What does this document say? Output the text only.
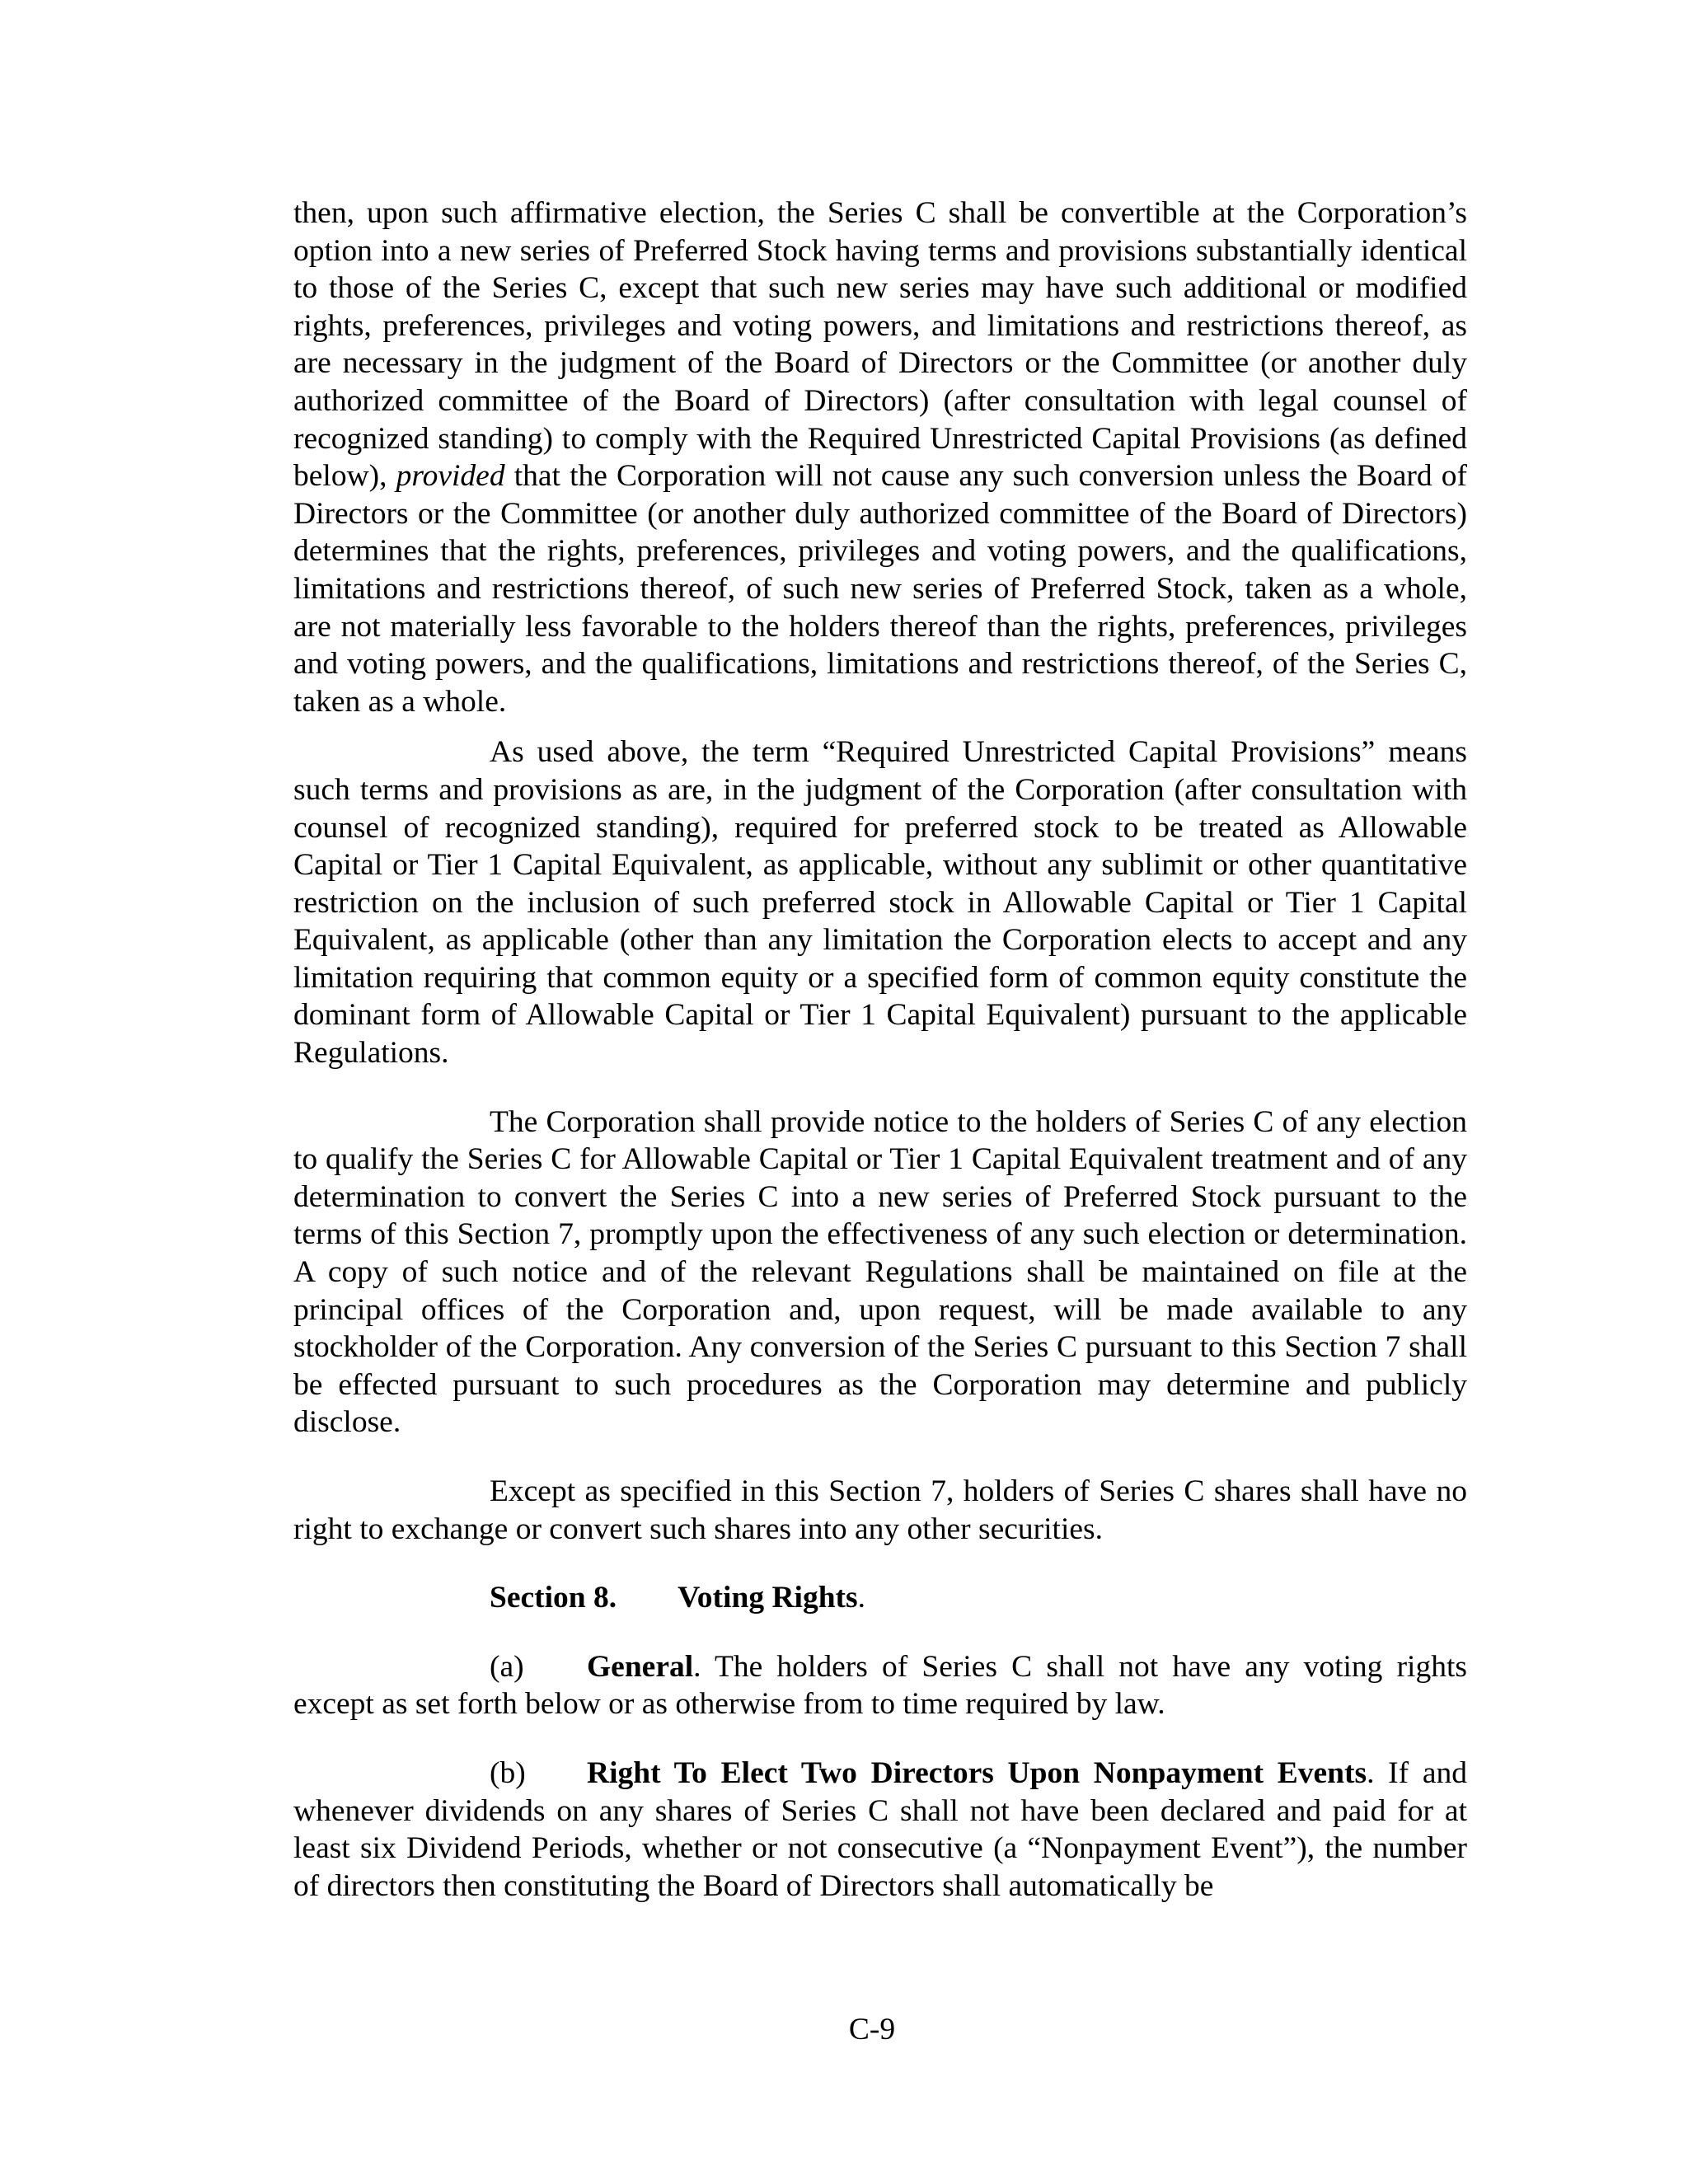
then, upon such affirmative election, the Series C shall be convertible at the Corporation’s option into a new series of Preferred Stock having terms and provisions substantially identical to those of the Series C, except that such new series may have such additional or modified rights, preferences, privileges and voting powers, and limitations and restrictions thereof, as are necessary in the judgment of the Board of Directors or the Committee (or another duly authorized committee of the Board of Directors) (after consultation with legal counsel of recognized standing) to comply with the Required Unrestricted Capital Provisions (as defined below), provided that the Corporation will not cause any such conversion unless the Board of Directors or the Committee (or another duly authorized committee of the Board of Directors) determines that the rights, preferences, privileges and voting powers, and the qualifications, limitations and restrictions thereof, of such new series of Preferred Stock, taken as a whole, are not materially less favorable to the holders thereof than the rights, preferences, privileges and voting powers, and the qualifications, limitations and restrictions thereof, of the Series C, taken as a whole.

As used above, the term “Required Unrestricted Capital Provisions” means such terms and provisions as are, in the judgment of the Corporation (after consultation with counsel of recognized standing), required for preferred stock to be treated as Allowable Capital or Tier 1 Capital Equivalent, as applicable, without any sublimit or other quantitative restriction on the inclusion of such preferred stock in Allowable Capital or Tier 1 Capital Equivalent, as applicable (other than any limitation the Corporation elects to accept and any limitation requiring that common equity or a specified form of common equity constitute the dominant form of Allowable Capital or Tier 1 Capital Equivalent) pursuant to the applicable Regulations.

The Corporation shall provide notice to the holders of Series C of any election to qualify the Series C for Allowable Capital or Tier 1 Capital Equivalent treatment and of any determination to convert the Series C into a new series of Preferred Stock pursuant to the terms of this Section 7, promptly upon the effectiveness of any such election or determination. A copy of such notice and of the relevant Regulations shall be maintained on file at the principal offices of the Corporation and, upon request, will be made available to any stockholder of the Corporation. Any conversion of the Series C pursuant to this Section 7 shall be effected pursuant to such procedures as the Corporation may determine and publicly disclose.

Except as specified in this Section 7, holders of Series C shares shall have no right to exchange or convert such shares into any other securities.

Section 8. Voting Rights.

(a) General. The holders of Series C shall not have any voting rights except as set forth below or as otherwise from to time required by law.

(b) Right To Elect Two Directors Upon Nonpayment Events. If and whenever dividends on any shares of Series C shall not have been declared and paid for at least six Dividend Periods, whether or not consecutive (a “Nonpayment Event”), the number of directors then constituting the Board of Directors shall automatically be

C-9
